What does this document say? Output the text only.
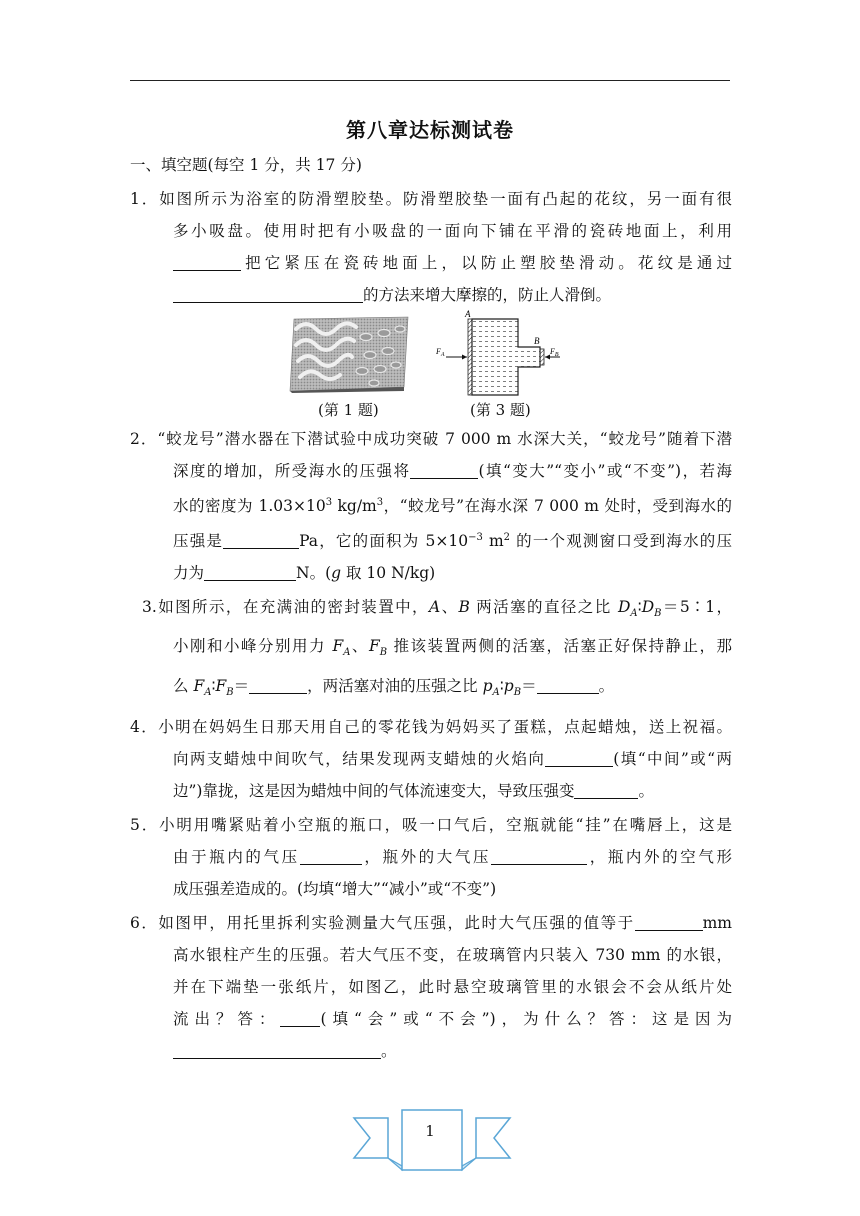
第八章达标测试卷
一、填空题(每空 1 分，共 17 分)
1．如图所示为浴室的防滑塑胶垫。防滑塑胶垫一面有凸起的花纹，另一面有很
多小吸盘。使用时把有小吸盘的一面向下铺在平滑的瓷砖地面上，利用
把它紧压在瓷砖地面上，以防止塑胶垫滑动。花纹是通过
的方法来增大摩擦的，防止人滑倒。
A
B
$F_A$	$F_B$
(第 1 题)	(第 3 题)
2．“蛟龙号”潜水器在下潜试验中成功突破 7 000 m 水深大关，“蛟龙号”随着下潜
深度的增加，所受海水的压强将	(填“变大”“变小”或“不变”)，若海
水的密度为 $1.03\times 10^3$ $kg/m^3$，“蛟龙号”在海水深 7 000 m 处时，受到海水的
压强是	Pa，它的面积为 $5\times 10^{-3}$ $m^2$ 的一个观测窗口受到海水的压
力为	N。(g 取 10 N/kg)
3.如图所示，在充满油的密封装置中，A、B 两活塞的直径之比 $D_A∶D_B=5∶1$，
小刚和小峰分别用力 $F_A$、$F_B$ 推该装置两侧的活塞，活塞正好保持静止，那
么 $F_A∶F_B=$	，两活塞对油的压强之比 $p_A∶p_B=$	。
4．小明在妈妈生日那天用自己的零花钱为妈妈买了蛋糕，点起蜡烛，送上祝福。
向两支蜡烛中间吹气，结果发现两支蜡烛的火焰向	(填“中间”或“两
边”)靠拢，这是因为蜡烛中间的气体流速变大，导致压强变	。
5．小明用嘴紧贴着小空瓶的瓶口，吸一口气后，空瓶就能“挂”在嘴唇上，这是
由于瓶内的气压	，瓶外的大气压	，瓶内外的空气形
成压强差造成的。(均填“增大”“减小”或“不变”)
6．如图甲，用托里拆利实验测量大气压强，此时大气压强的值等于	mm
高水银柱产生的压强。若大气压不变，在玻璃管内只装入 730 mm 的水银，
并在下端垫一张纸片，如图乙，此时悬空玻璃管里的水银会不会从纸片处
流出？答：	(填“会”或“不会”)，为什么？答：这是因为
。
1
